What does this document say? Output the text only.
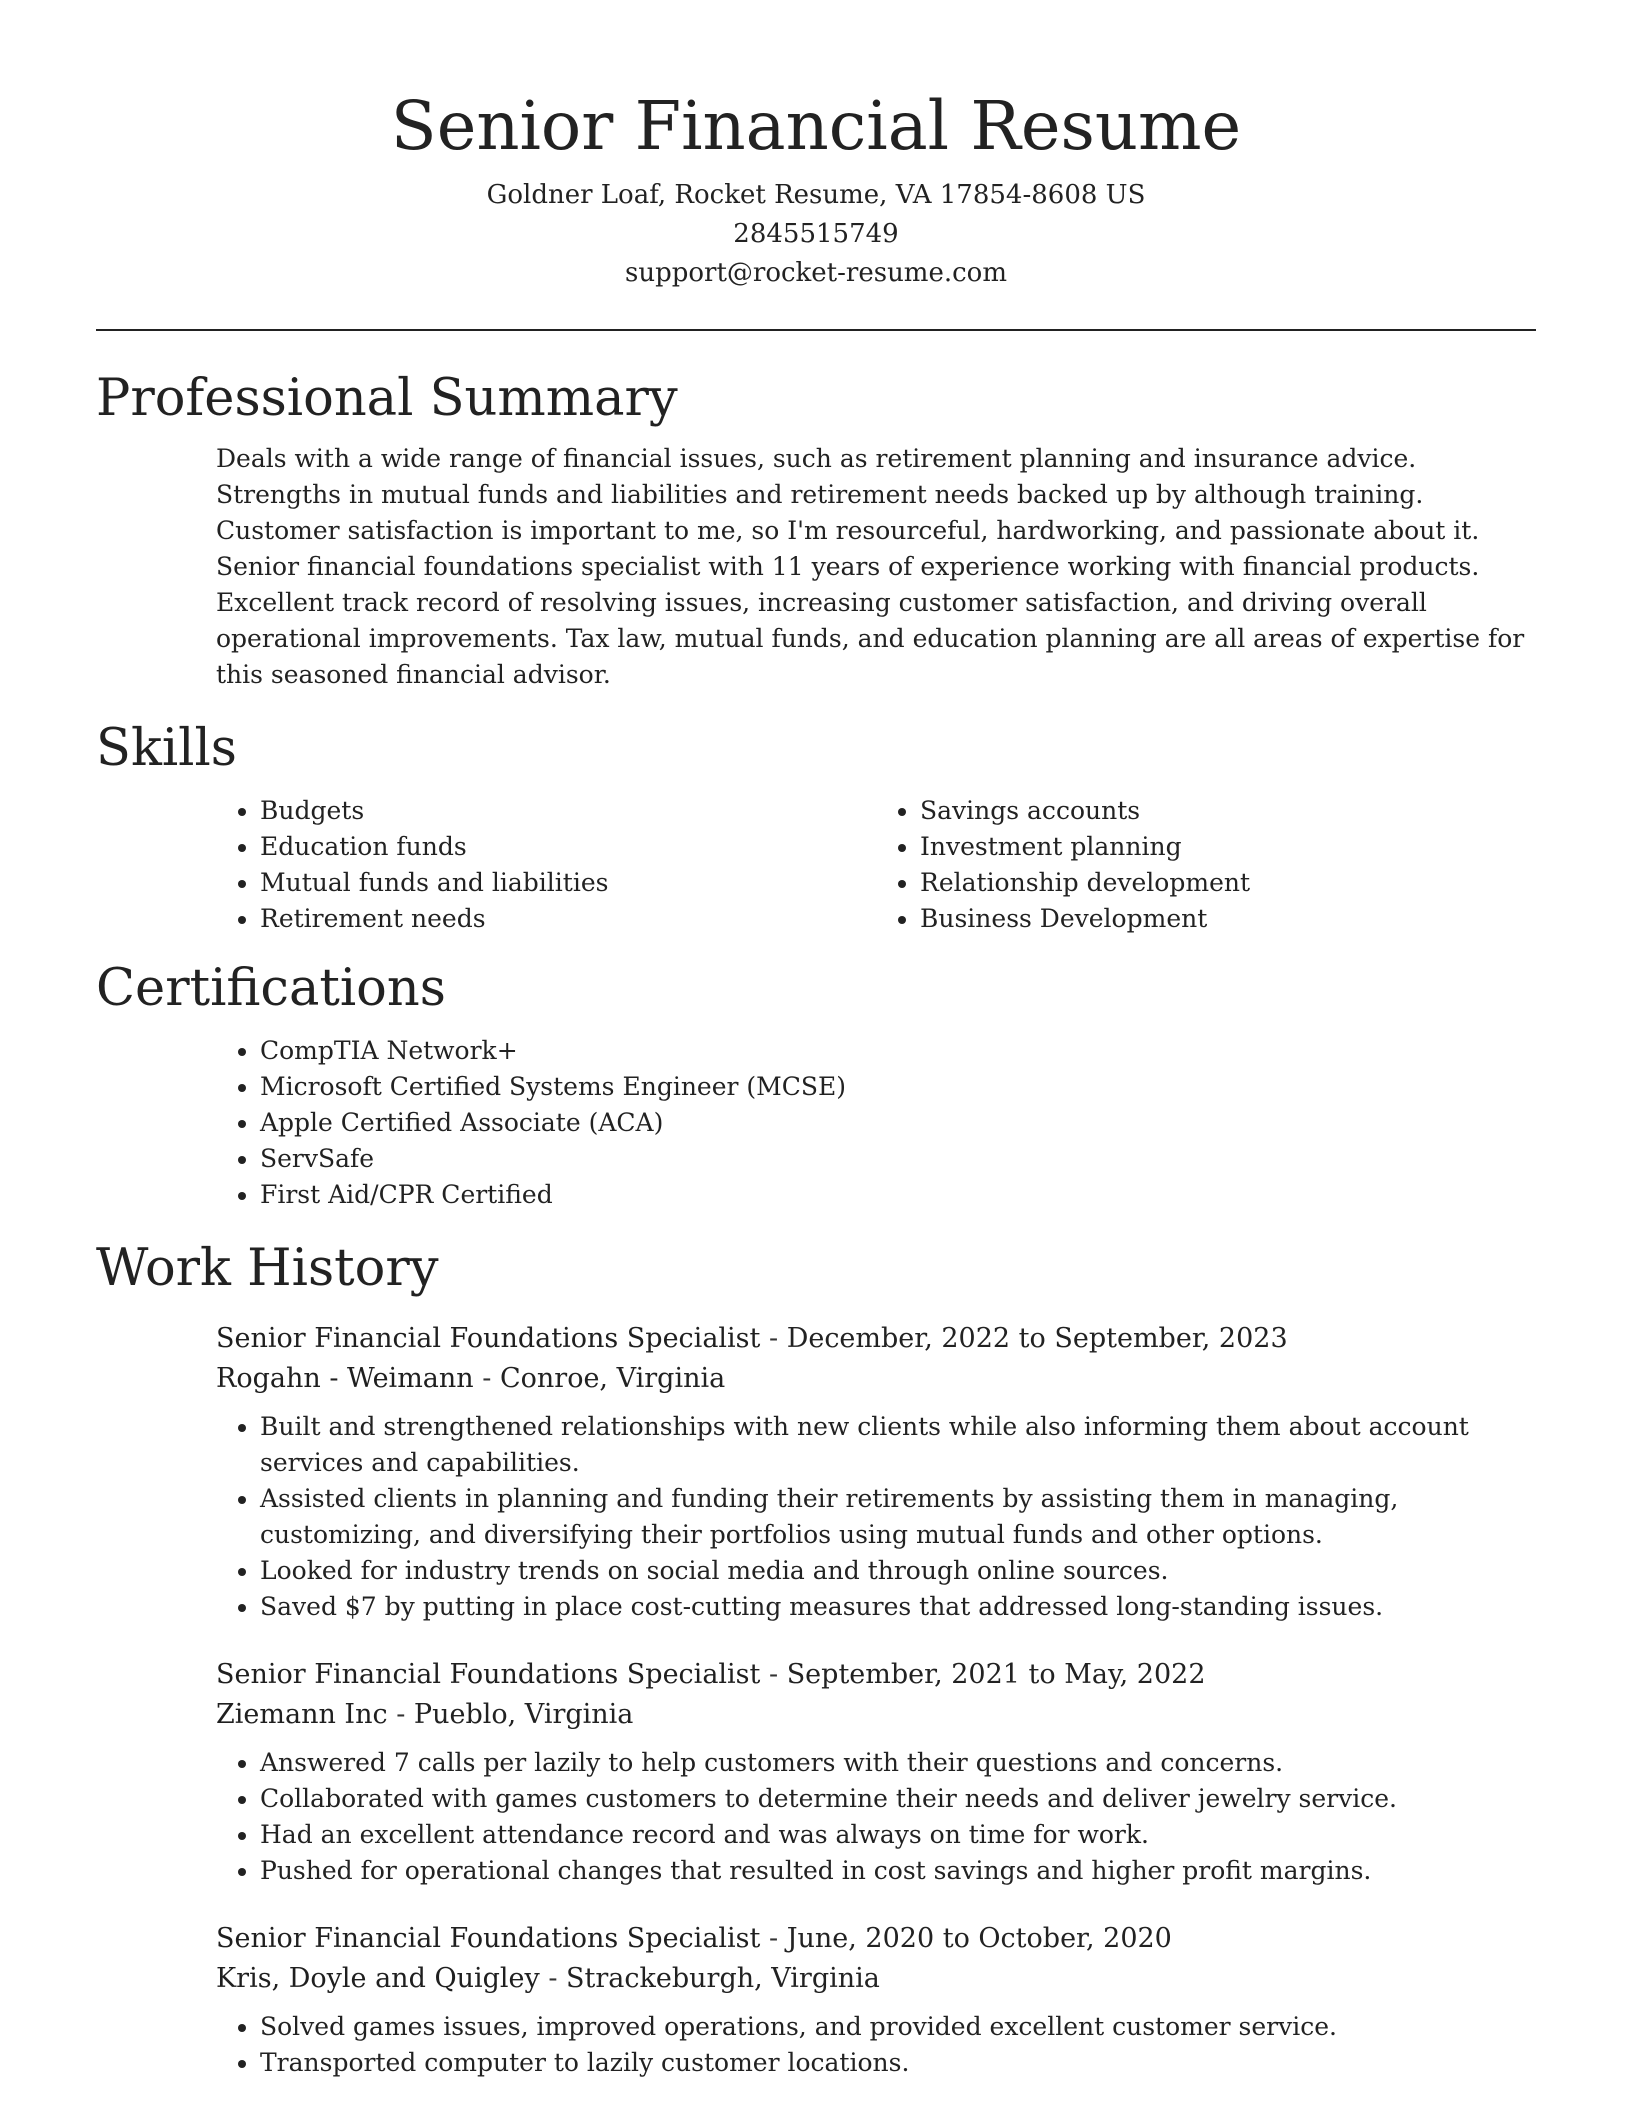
Senior Financial Resume
Goldner Loaf, Rocket Resume, VA 17854-8608 US
2845515749
support@rocket-resume.com
Professional Summary

Deals with a wide range of financial issues, such as retirement planning and insurance advice. Strengths in mutual funds and liabilities and retirement needs backed up by although training. Customer satisfaction is important to me, so I'm resourceful, hardworking, and passionate about it. Senior financial foundations specialist with 11 years of experience working with financial products. Excellent track record of resolving issues, increasing customer satisfaction, and driving overall operational improvements. Tax law, mutual funds, and education planning are all areas of expertise for this seasoned financial advisor.

Skills
• Budgets
• Education funds
• Mutual funds and liabilities
• Retirement needs
• Savings accounts
• Investment planning
• Relationship development
• Business Development
Certifications
• CompTIA Network+
• Microsoft Certified Systems Engineer (MCSE)
• Apple Certified Associate (ACA)
• ServSafe
• First Aid/CPR Certified
Work History
Senior Financial Foundations Specialist - December, 2022 to September, 2023
Rogahn - Weimann - Conroe, Virginia
• Built and strengthened relationships with new clients while also informing them about account services and capabilities.
• Assisted clients in planning and funding their retirements by assisting them in managing, customizing, and diversifying their portfolios using mutual funds and other options.
• Looked for industry trends on social media and through online sources.
• Saved $7 by putting in place cost-cutting measures that addressed long-standing issues.
Senior Financial Foundations Specialist - September, 2021 to May, 2022
Ziemann Inc - Pueblo, Virginia
• Answered 7 calls per lazily to help customers with their questions and concerns.
• Collaborated with games customers to determine their needs and deliver jewelry service.
• Had an excellent attendance record and was always on time for work.
• Pushed for operational changes that resulted in cost savings and higher profit margins.
Senior Financial Foundations Specialist - June, 2020 to October, 2020
Kris, Doyle and Quigley - Strackeburgh, Virginia
• Solved games issues, improved operations, and provided excellent customer service.
• Transported computer to lazily customer locations.
